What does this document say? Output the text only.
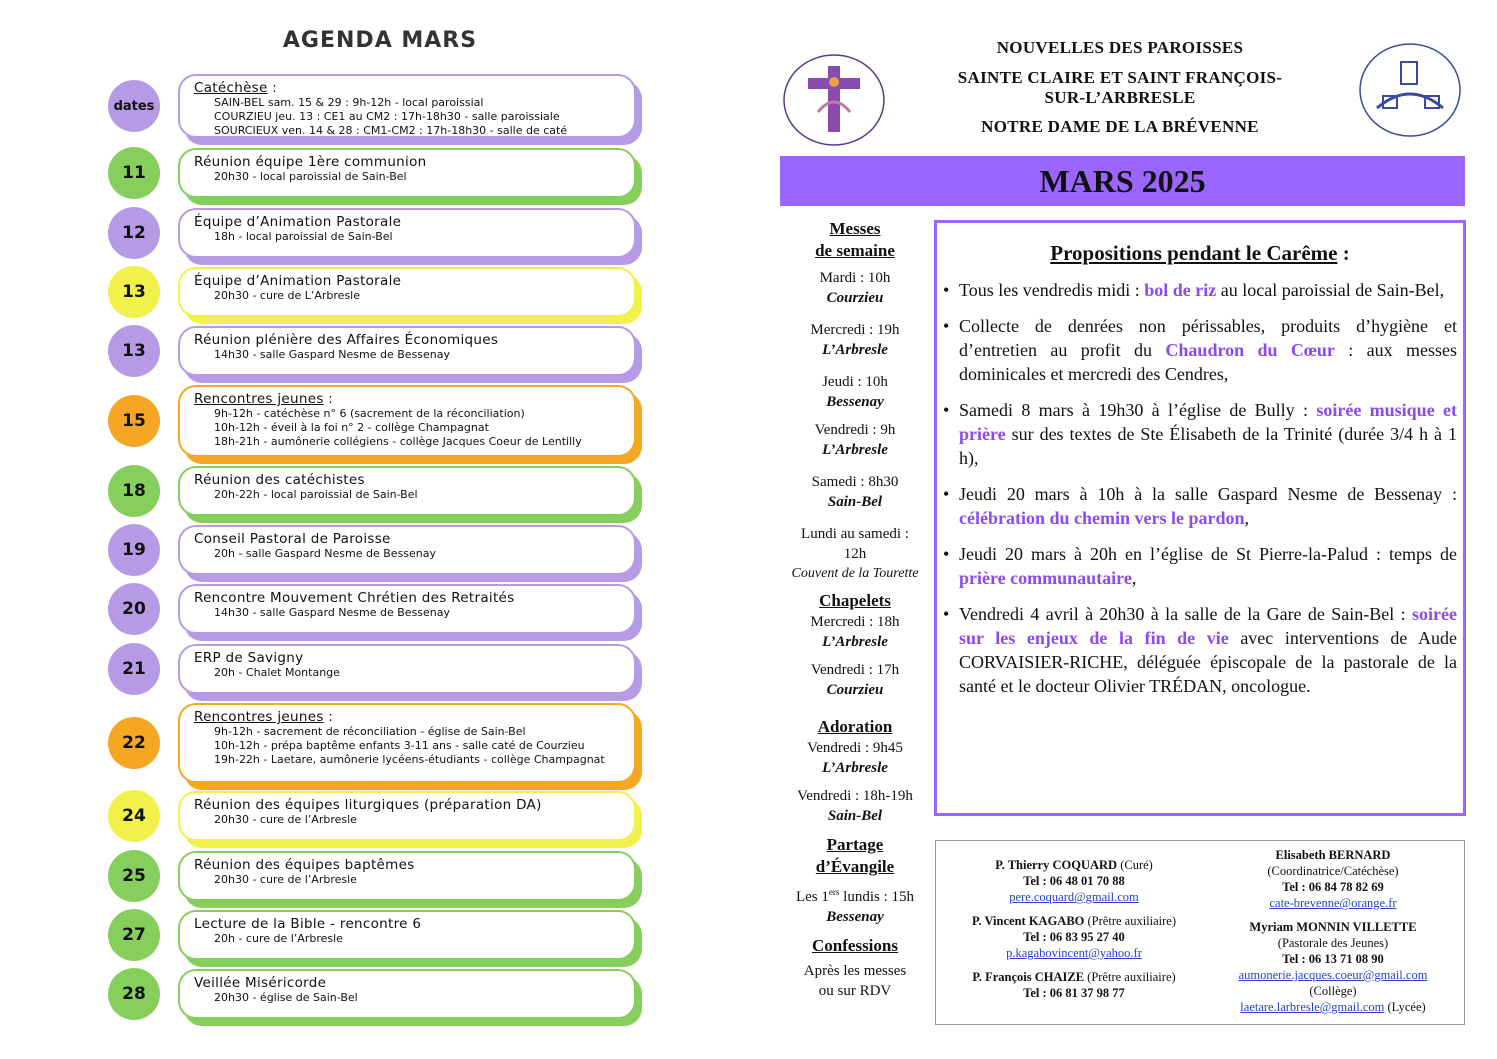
AGENDA MARS
dates
Catéchèse :
SAIN-BEL sam. 15 & 29 : 9h-12h - local paroissial
COURZIEU jeu. 13 : CE1 au CM2 : 17h-18h30 - salle paroissiale
SOURCIEUX ven. 14 & 28 : CM1-CM2 : 17h-18h30 - salle de caté
11
Réunion équipe 1ère communion
20h30 - local paroissial de Sain-Bel
12
Équipe d’Animation Pastorale
18h - local paroissial de Sain-Bel
13
Équipe d’Animation Pastorale
20h30 - cure de L’Arbresle
13
Réunion plénière des Affaires Économiques
14h30 - salle Gaspard Nesme de Bessenay
15
Rencontres jeunes :
9h-12h - catéchèse n° 6 (sacrement de la réconciliation)
10h-12h - éveil à la foi n° 2 - collège Champagnat
18h-21h - aumônerie collégiens - collège Jacques Coeur de Lentilly
18
Réunion des catéchistes
20h-22h - local paroissial de Sain-Bel
19
Conseil Pastoral de Paroisse
20h - salle Gaspard Nesme de Bessenay
20
Rencontre Mouvement Chrétien des Retraités
14h30 - salle Gaspard Nesme de Bessenay
21
ERP de Savigny
20h - Chalet Montange
22
Rencontres jeunes :
9h-12h - sacrement de réconciliation - église de Sain-Bel
10h-12h - prépa baptême enfants 3-11 ans - salle caté de Courzieu
19h-22h - Laetare, aumônerie lycéens-étudiants - collège Champagnat
24
Réunion des équipes liturgiques (préparation DA)
20h30 - cure de l’Arbresle
25
Réunion des équipes baptêmes
20h30 - cure de l’Arbresle
27
Lecture de la Bible - rencontre 6
20h - cure de l’Arbresle
28
Veillée Miséricorde
20h30 - église de Sain-Bel
NOUVELLES DES PAROISSES
SAINTE CLAIRE ET SAINT FRANÇOIS-
SUR-L’ARBRESLE
NOTRE DAME DE LA BRÉVENNE
MARS 2025
Messes
de semaine
Mardi : 10h
Courzieu
Mercredi : 19h
L’Arbresle
Jeudi : 10h
Bessenay
Vendredi : 9h
L’Arbresle
Samedi : 8h30
Sain-Bel
Lundi au samedi :
12h
Couvent de la Tourette
Chapelets
Mercredi : 18h
L’Arbresle
Vendredi : 17h
Courzieu
Adoration
Vendredi : 9h45
L’Arbresle
Vendredi : 18h-19h
Sain-Bel
Partage
d’Évangile
Les 1ers lundis : 15h
Bessenay
Confessions
Après les messes
ou sur RDV
Propositions pendant le Carême :
• Tous les vendredis midi : bol de riz au local paroissial de Sain-Bel,
• Collecte de denrées non périssables, produits d’hygiène et d’entretien au profit du Chaudron du Cœur : aux messes dominicales et mercredi des Cendres,
• Samedi 8 mars à 19h30 à l’église de Bully : soirée musique et prière sur des textes de Ste Élisabeth de la Trinité (durée 3/4 h à 1 h),
• Jeudi 20 mars à 10h à la salle Gaspard Nesme de Bessenay : célébration du chemin vers le pardon,
• Jeudi 20 mars à 20h en l’église de St Pierre-la-Palud : temps de prière communautaire,
• Vendredi 4 avril à 20h30 à la salle de la Gare de Sain-Bel : soirée sur les enjeux de la fin de vie avec interventions de Aude CORVAISIER-RICHE, déléguée épiscopale de la pastorale de la santé et le docteur Olivier TRÉDAN, oncologue.
P. Thierry COQUARD (Curé)
Tel : 06 48 01 70 88
pere.coquard@gmail.com
P. Vincent KAGABO (Prêtre auxiliaire)
Tel : 06 83 95 27 40
p.kagabovincent@yahoo.fr
P. François CHAIZE (Prêtre auxiliaire)
Tel : 06 81 37 98 77
Elisabeth BERNARD
(Coordinatrice/Catéchèse)
Tel : 06 84 78 82 69
cate-brevenne@orange.fr
Myriam MONNIN VILLETTE
(Pastorale des Jeunes)
Tel : 06 13 71 08 90
aumonerie.jacques.coeur@gmail.com
(Collège)
laetare.larbresle@gmail.com (Lycée)
